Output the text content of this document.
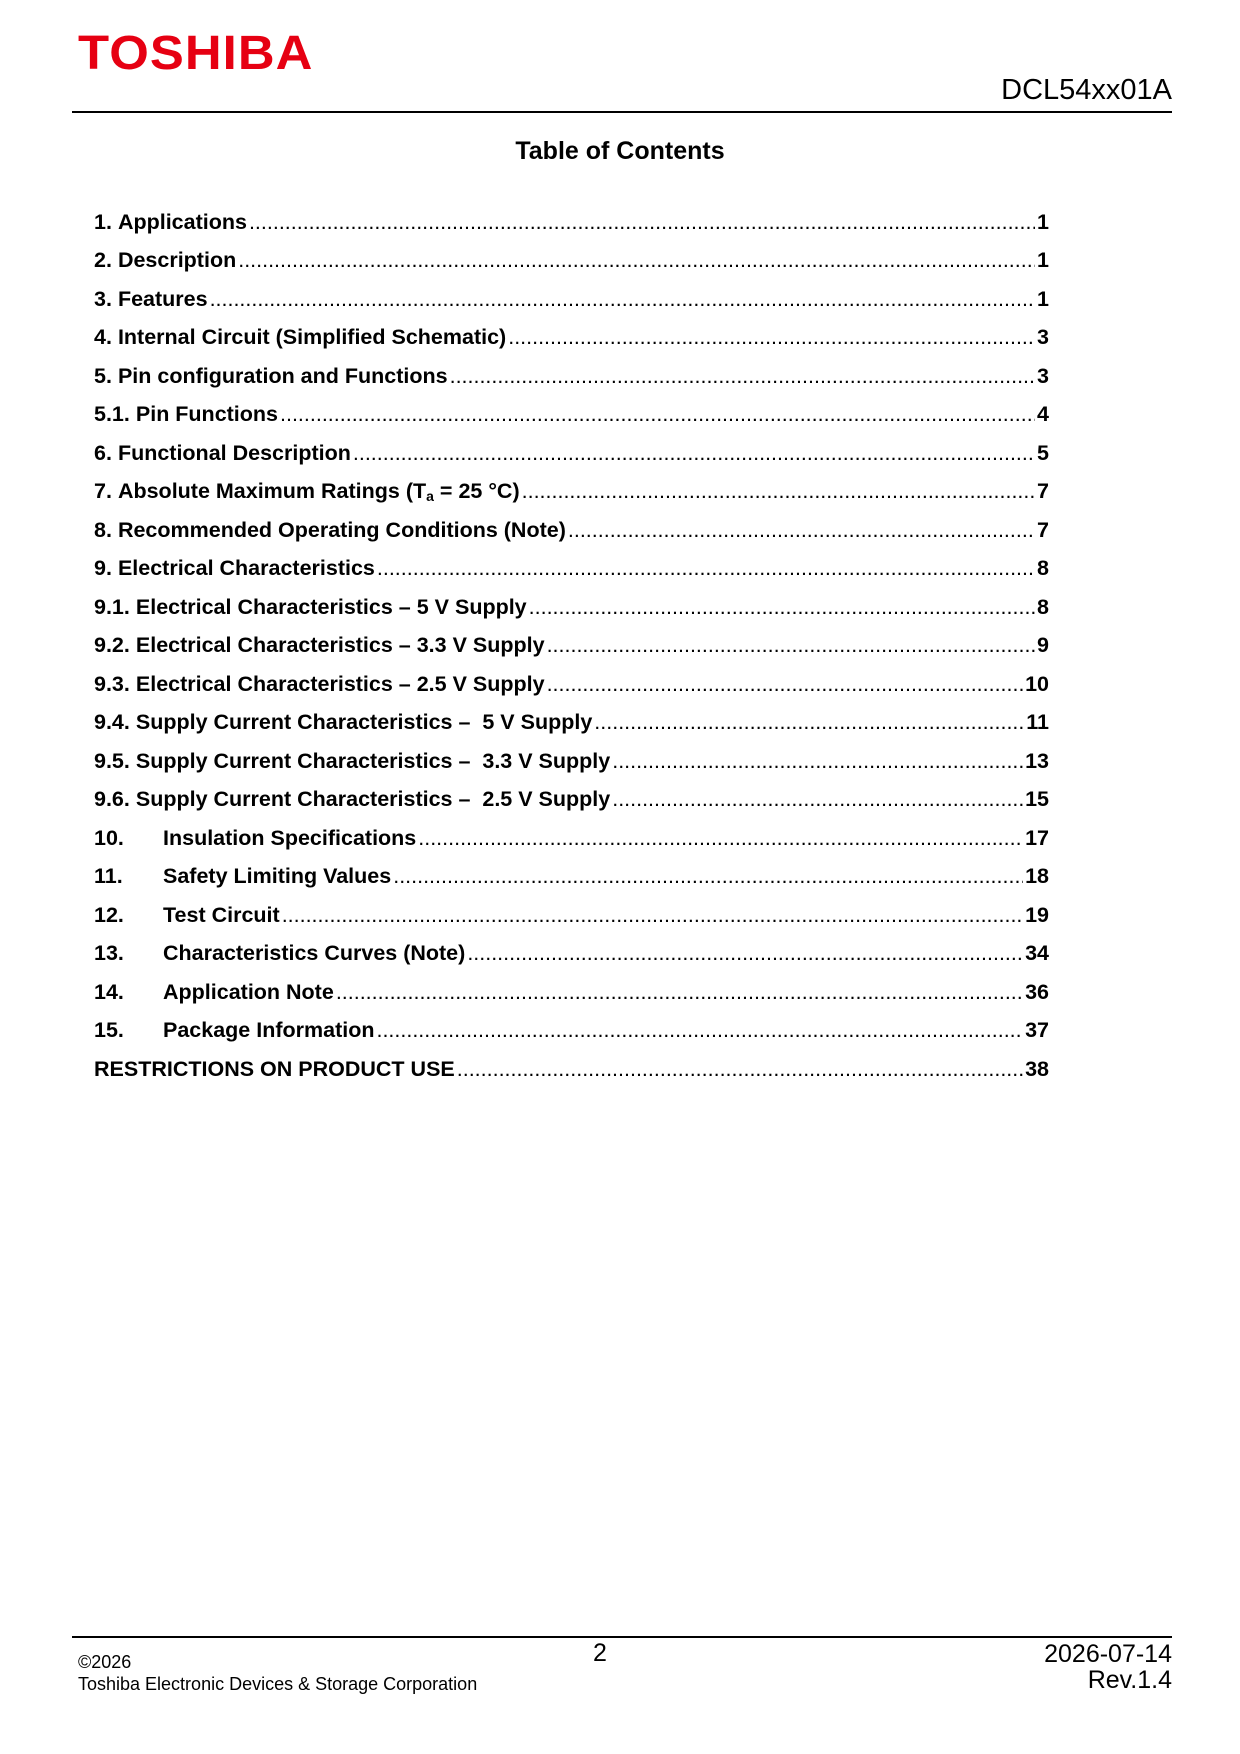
TOSHIBA
DCL54xx01A
Table of Contents
1. Applications .....	1
2. Description .....	1
3. Features .....	1
4. Internal Circuit (Simplified Schematic) .....	3
5. Pin configuration and Functions .....	3
5.1. Pin Functions .....	4
6. Functional Description .....	5
7. Absolute Maximum Ratings ($T_a = 25$ °C) .....	7
8. Recommended Operating Conditions (Note) .....	7
9. Electrical Characteristics .....	8
9.1. Electrical Characteristics – 5 V Supply .....	8
9.2. Electrical Characteristics – 3.3 V Supply .....	9
9.3. Electrical Characteristics – 2.5 V Supply .....	10
9.4. Supply Current Characteristics –  5 V Supply .....	11
9.5. Supply Current Characteristics –  3.3 V Supply .....	13
9.6. Supply Current Characteristics –  2.5 V Supply .....	15
10.	Insulation Specifications .....	17
11.	Safety Limiting Values .....	18
12.	Test Circuit .....	19
13.	Characteristics Curves (Note) .....	34
14.	Application Note .....	36
15.	Package Information .....	37
RESTRICTIONS ON PRODUCT USE .....	38
2
©2026
Toshiba Electronic Devices & Storage Corporation
2026-07-14
Rev.1.4
